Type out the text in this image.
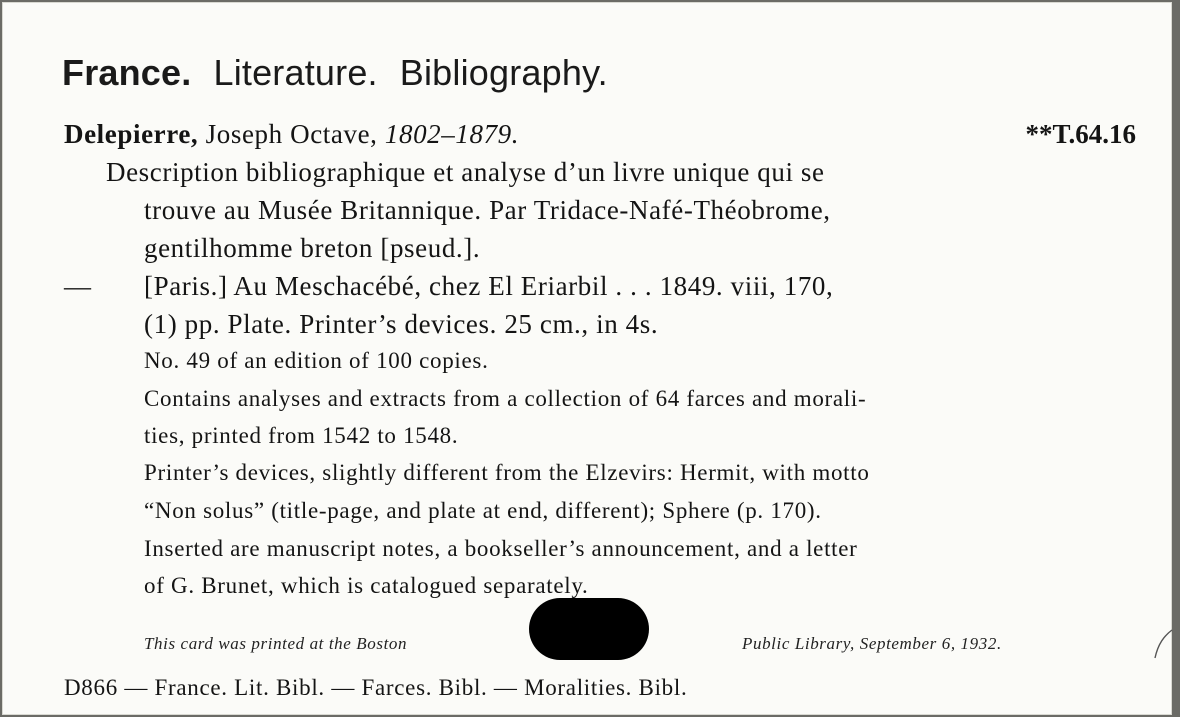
France. Literature. Bibliography.
Delepierre, Joseph Octave, 1802–1879.	**T.64.16
Description bibliographique et analyse d’un livre unique qui se
trouve au Musée Britannique. Par Tridace-Nafé-Théobrome,
gentilhomme breton [pseud.].
— [Paris.] Au Meschacébé, chez El Eriarbil . . . 1849. viii, 170,
(1) pp. Plate. Printer’s devices. 25 cm., in 4s.
No. 49 of an edition of 100 copies.
Contains analyses and extracts from a collection of 64 farces and morali-
ties, printed from 1542 to 1548.
Printer’s devices, slightly different from the Elzevirs: Hermit, with motto
“Non solus” (title-page, and plate at end, different); Sphere (p. 170).
Inserted are manuscript notes, a bookseller’s announcement, and a letter
of G. Brunet, which is catalogued separately.
This card was printed at the Boston	Public Library, September 6, 1932.
D866 — France. Lit. Bibl. — Farces. Bibl. — Moralities. Bibl.
